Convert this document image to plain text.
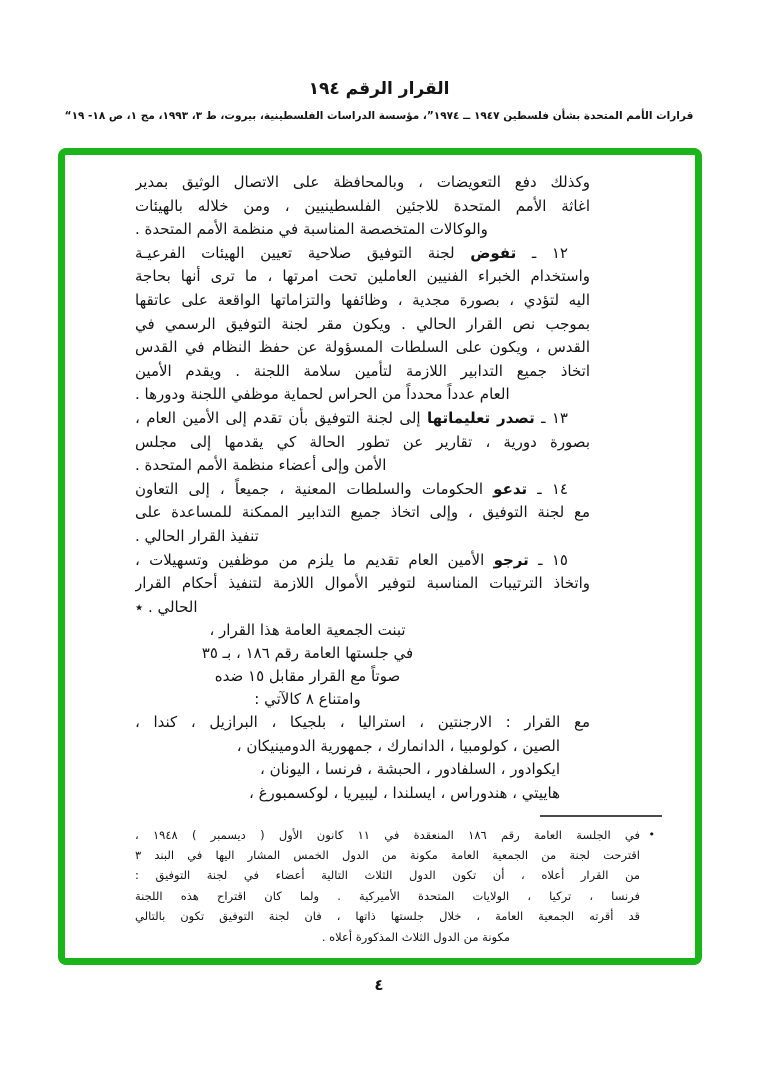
القرار الرقم ١٩٤
“قرارات الأمم المتحدة بشأن فلسطين ١٩٤٧ ــ ١٩٧٤”، مؤسسة الدراسات الفلسطينية، بيروت، ط ٣، ١٩٩٣، مج ١، ص ١٨- ١٩
وكذلك دفع التعويضات ، وبالمحافظة على الاتصال الوثيق بمدير
اغاثة الأمم المتحدة للاجئين الفلسطينيين ، ومن خلاله بالهيئات
والوكالات المتخصصة المناسبة في منظمة الأمم المتحدة .
١٢ ـ تفوض لجنة التوفيق صلاحية تعيين الهيئات الفرعيـة
واستخدام الخبراء الفنيين العاملين تحت امرتها ، ما ترى أنها بحاجة
اليه لتؤدي ، بصورة مجدية ، وظائفها والتزاماتها الواقعة على عاتقها
بموجب نص القرار الحالي . ويكون مقر لجنة التوفيق الرسمي في
القدس ، ويكون على السلطات المسؤولة عن حفظ النظام في القدس
اتخاذ جميع التدابير اللازمة لتأمين سلامة اللجنة . ويقدم الأمين
العام عدداً محدداً من الحراس لحماية موظفي اللجنة ودورها .
١٣ ـ تصدر تعليماتها إلى لجنة التوفيق بأن تقدم إلى الأمين العام ،
بصورة دورية ، تقارير عن تطور الحالة كي يقدمها إلى مجلس
الأمن وإلى أعضاء منظمة الأمم المتحدة .
١٤ ـ تدعو الحكومات والسلطات المعنية ، جميعاً ، إلى التعاون
مع لجنة التوفيق ، وإلى اتخاذ جميع التدابير الممكنة للمساعدة على
تنفيذ القرار الحالي .
١٥ ـ ترجو الأمين العام تقديم ما يلزم من موظفين وتسهيلات ،
واتخاذ الترتيبات المناسبة لتوفير الأموال اللازمة لتنفيذ أحكام القرار
الحالي . ٭
تبنت الجمعية العامة هذا القرار ،
في جلستها العامة رقم ١٨٦ ، بـ ٣٥
صوتاً مع القرار مقابل ١٥ ضده
وامتناع ٨ كالآتي :
مع القرار : الارجنتين ، استراليا ، بلجيكا ، البرازيل ، كندا ،
الصين ، كولومبيا ، الدانمارك ، جمهورية الدومينيكان ،
ايكوادور ، السلفادور ، الحبشة ، فرنسا ، اليونان ،
هاييتي ، هندوراس ، ايسلندا ، ليبيريا ، لوكسمبورغ ،
•
في الجلسة العامة رقم ١٨٦ المنعقدة في ١١ كانون الأول ( ديسمبر ) ١٩٤٨ ،
اقترحت لجنة من الجمعية العامة مكونة من الدول الخمس المشار اليها في البند ٣
من القرار أعلاه ، أن تكون الدول الثلاث التالية أعضاء في لجنة التوفيق :
فرنسا ، تركيا ، الولايات المتحدة الأميركية . ولما كان اقتراح هذه اللجنة
قد أقرته الجمعية العامة ، خلال جلستها ذاتها ، فان لجنة التوفيق تكون بالتالي
مكونة من الدول الثلاث المذكورة أعلاه .
٤
